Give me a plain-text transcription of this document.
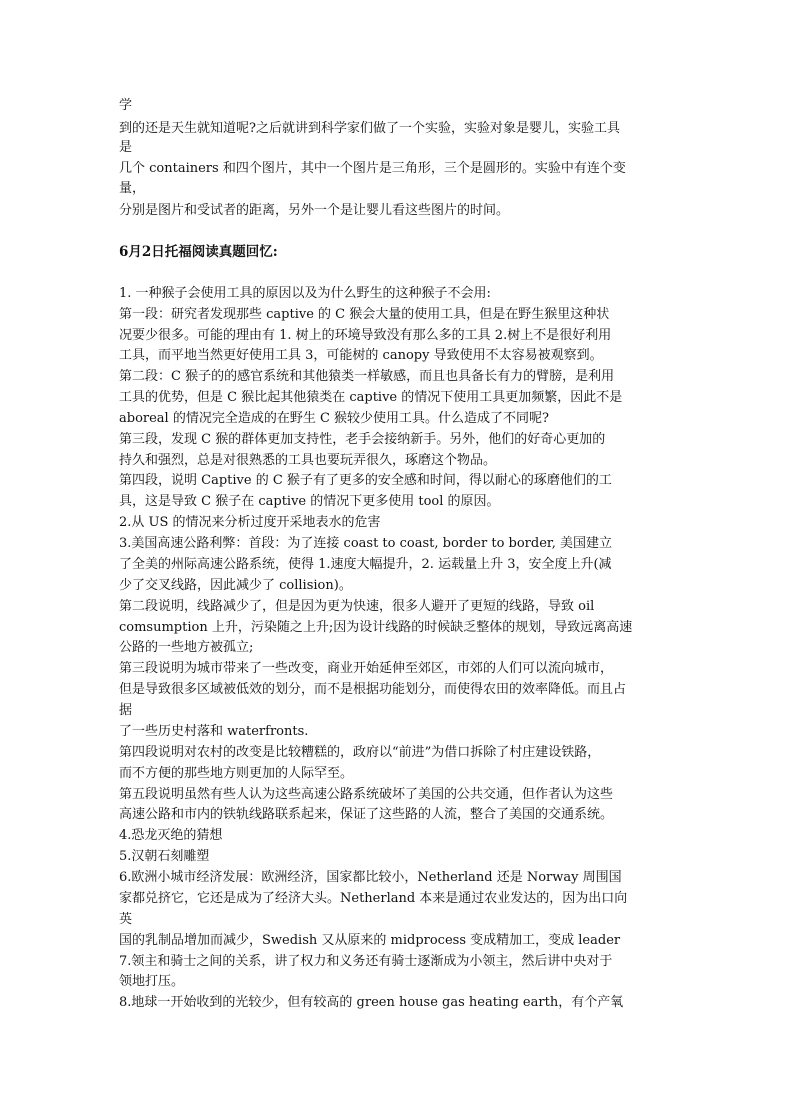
学
到的还是天生就知道呢?之后就讲到科学家们做了一个实验，实验对象是婴儿，实验工具
是
几个 containers 和四个图片，其中一个图片是三角形，三个是圆形的。实验中有连个变
量，
分别是图片和受试者的距离，另外一个是让婴儿看这些图片的时间。
6月2日托福阅读真题回忆:
1. 一种猴子会使用工具的原因以及为什么野生的这种猴子不会用:
第一段：研究者发现那些 captive 的 C 猴会大量的使用工具，但是在野生猴里这种状
况要少很多。可能的理由有 1. 树上的环境导致没有那么多的工具 2.树上不是很好利用
工具，而平地当然更好使用工具 3，可能树的 canopy 导致使用不太容易被观察到。
第二段：C 猴子的的感官系统和其他猿类一样敏感，而且也具备长有力的臂膀，是利用
工具的优势，但是 C 猴比起其他猿类在 captive 的情况下使用工具更加频繁，因此不是
aboreal 的情况完全造成的在野生 C 猴较少使用工具。什么造成了不同呢?
第三段，发现 C 猴的群体更加支持性，老手会接纳新手。另外，他们的好奇心更加的
持久和强烈，总是对很熟悉的工具也要玩弄很久，琢磨这个物品。
第四段，说明 Captive 的 C 猴子有了更多的安全感和时间，得以耐心的琢磨他们的工
具，这是导致 C 猴子在 captive 的情况下更多使用 tool 的原因。
2.从 US 的情况来分析过度开采地表水的危害
3.美国高速公路利弊：首段：为了连接 coast to coast, border to border, 美国建立
了全美的州际高速公路系统，使得 1.速度大幅提升，2. 运载量上升 3，安全度上升(减
少了交叉线路，因此减少了 collision)。
第二段说明，线路减少了，但是因为更为快速，很多人避开了更短的线路，导致 oil
comsumption 上升，污染随之上升;因为设计线路的时候缺乏整体的规划，导致远离高速
公路的一些地方被孤立;
第三段说明为城市带来了一些改变，商业开始延伸至郊区，市郊的人们可以流向城市，
但是导致很多区域被低效的划分，而不是根据功能划分，而使得农田的效率降低。而且占
据
了一些历史村落和 waterfronts.
第四段说明对农村的改变是比较糟糕的，政府以“前进”为借口拆除了村庄建设铁路，
而不方便的那些地方则更加的人际罕至。
第五段说明虽然有些人认为这些高速公路系统破坏了美国的公共交通，但作者认为这些
高速公路和市内的铁轨线路联系起来，保证了这些路的人流，整合了美国的交通系统。
4.恐龙灭绝的猜想
5.汉朝石刻雕塑
6.欧洲小城市经济发展：欧洲经济，国家都比较小，Netherland 还是 Norway 周围国
家都兑挤它，它还是成为了经济大头。Netherland 本来是通过农业发达的，因为出口向
英
国的乳制品增加而减少，Swedish 又从原来的 midprocess 变成精加工，变成 leader
7.领主和骑士之间的关系，讲了权力和义务还有骑士逐渐成为小领主，然后讲中央对于
领地打压。
8.地球一开始收到的光较少，但有较高的 green house gas heating earth，有个产氧
